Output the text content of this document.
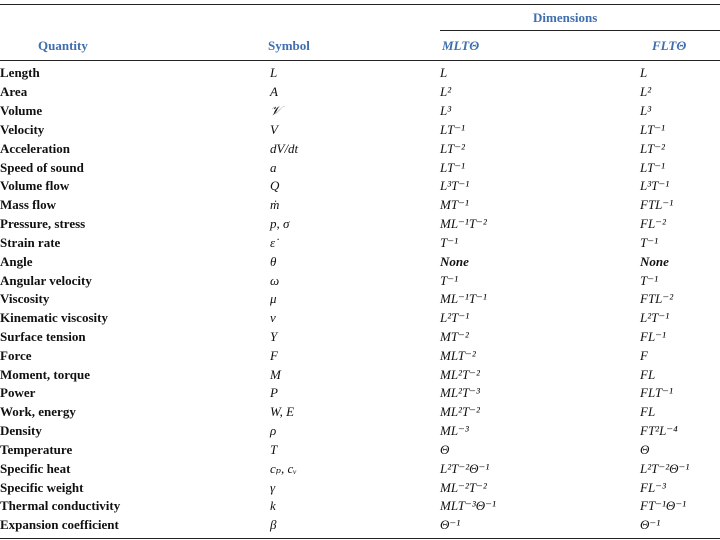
Dimensions
Quantity	Symbol	MLTΘ	FLTΘ
Length	L	L	L
Area	A	L²	L²
Volume	𝒱	L³	L³
Velocity	V	LT⁻¹	LT⁻¹
Acceleration	dV/dt	LT⁻²	LT⁻²
Speed of sound	a	LT⁻¹	LT⁻¹
Volume flow	Q	L³T⁻¹	L³T⁻¹
Mass flow	ṁ	MT⁻¹	FTL⁻¹
Pressure, stress	p, σ	ML⁻¹T⁻²	FL⁻²
Strain rate	ε̇	T⁻¹	T⁻¹
Angle	θ	None	None
Angular velocity	ω	T⁻¹	T⁻¹
Viscosity	μ	ML⁻¹T⁻¹	FTL⁻²
Kinematic viscosity	ν	L²T⁻¹	L²T⁻¹
Surface tension	Υ	MT⁻²	FL⁻¹
Force	F	MLT⁻²	F
Moment, torque	M	ML²T⁻²	FL
Power	P	ML²T⁻³	FLT⁻¹
Work, energy	W, E	ML²T⁻²	FL
Density	ρ	ML⁻³	FT²L⁻⁴
Temperature	T	Θ	Θ
Specific heat	cₚ, cᵥ	L²T⁻²Θ⁻¹	L²T⁻²Θ⁻¹
Specific weight	γ	ML⁻²T⁻²	FL⁻³
Thermal conductivity	k	MLT⁻³Θ⁻¹	FT⁻¹Θ⁻¹
Expansion coefficient	β	Θ⁻¹	Θ⁻¹
